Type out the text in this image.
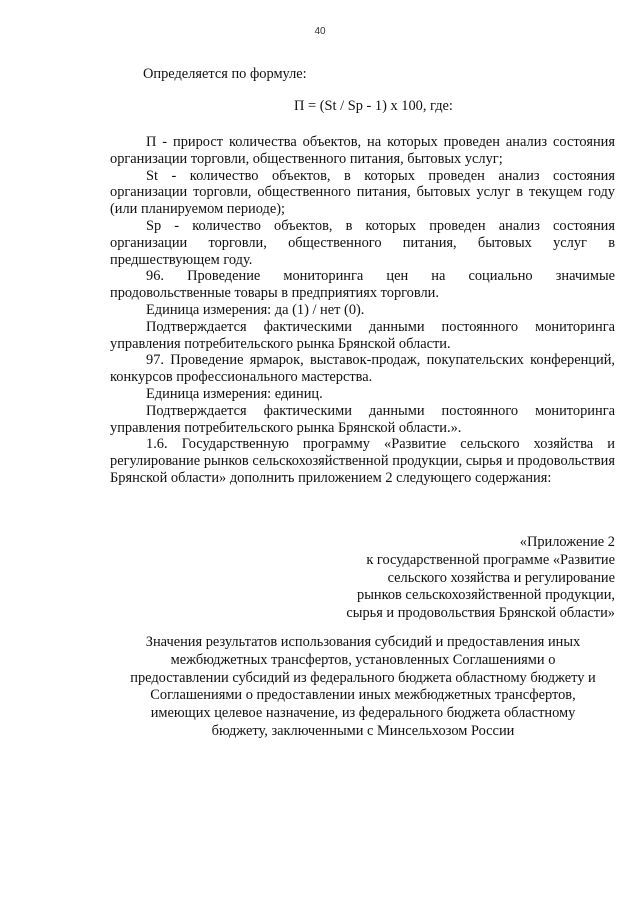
40
Определяется по формуле:
П = (St / Sp - 1) х 100, где:

П - прирост количества объектов, на которых проведен анализ состояния организации торговли, общественного питания, бытовых услуг;

St - количество объектов, в которых проведен анализ состояния организации торговли, общественного питания, бытовых услуг в текущем году (или планируемом периоде);

Sp - количество объектов, в которых проведен анализ состояния организации торговли, общественного питания, бытовых услуг в предшествующем году.

96. Проведение мониторинга цен на социально значимые продовольственные товары в предприятиях торговли.

Единица измерения: да (1) / нет (0).

Подтверждается фактическими данными постоянного мониторинга управления потребительского рынка Брянской области.

97. Проведение ярмарок, выставок-продаж, покупательских конференций, конкурсов профессионального мастерства.

Единица измерения: единиц.

Подтверждается фактическими данными постоянного мониторинга управления потребительского рынка Брянской области.».

1.6. Государственную программу «Развитие сельского хозяйства и регулирование рынков сельскохозяйственной продукции, сырья и продовольствия Брянской области» дополнить приложением 2 следующего содержания:

«Приложение 2
к государственной программе «Развитие
сельского хозяйства и регулирование
рынков сельскохозяйственной продукции,
сырья и продовольствия Брянской области»
Значения результатов использования субсидий и предоставления иных
межбюджетных трансфертов, установленных Соглашениями о
предоставлении субсидий из федерального бюджета областному бюджету и
Соглашениями о предоставлении иных межбюджетных трансфертов,
имеющих целевое назначение, из федерального бюджета областному
бюджету, заключенными с Минсельхозом России
